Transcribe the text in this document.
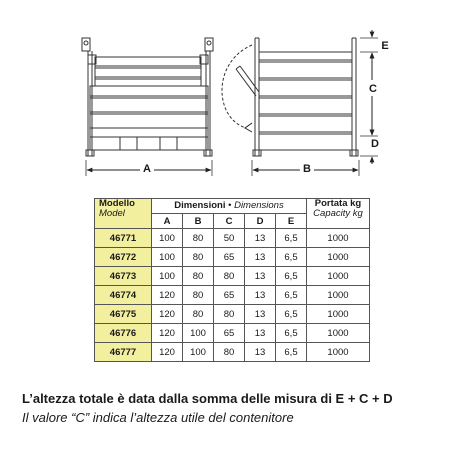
A	B
E
C
D
Modello
Model	Dimensioni • Dimensions					Portata kg
Capacity kg
	A	B	C	D	E	
46771	100	80	50	13	6,5	1000
46772	100	80	65	13	6,5	1000
46773	100	80	80	13	6,5	1000
46774	120	80	65	13	6,5	1000
46775	120	80	80	13	6,5	1000
46776	120	100	65	13	6,5	1000
46777	120	100	80	13	6,5	1000

L’altezza totale è data dalla somma delle misura di E + C + D

Il valore “C” indica l’altezza utile del contenitore
